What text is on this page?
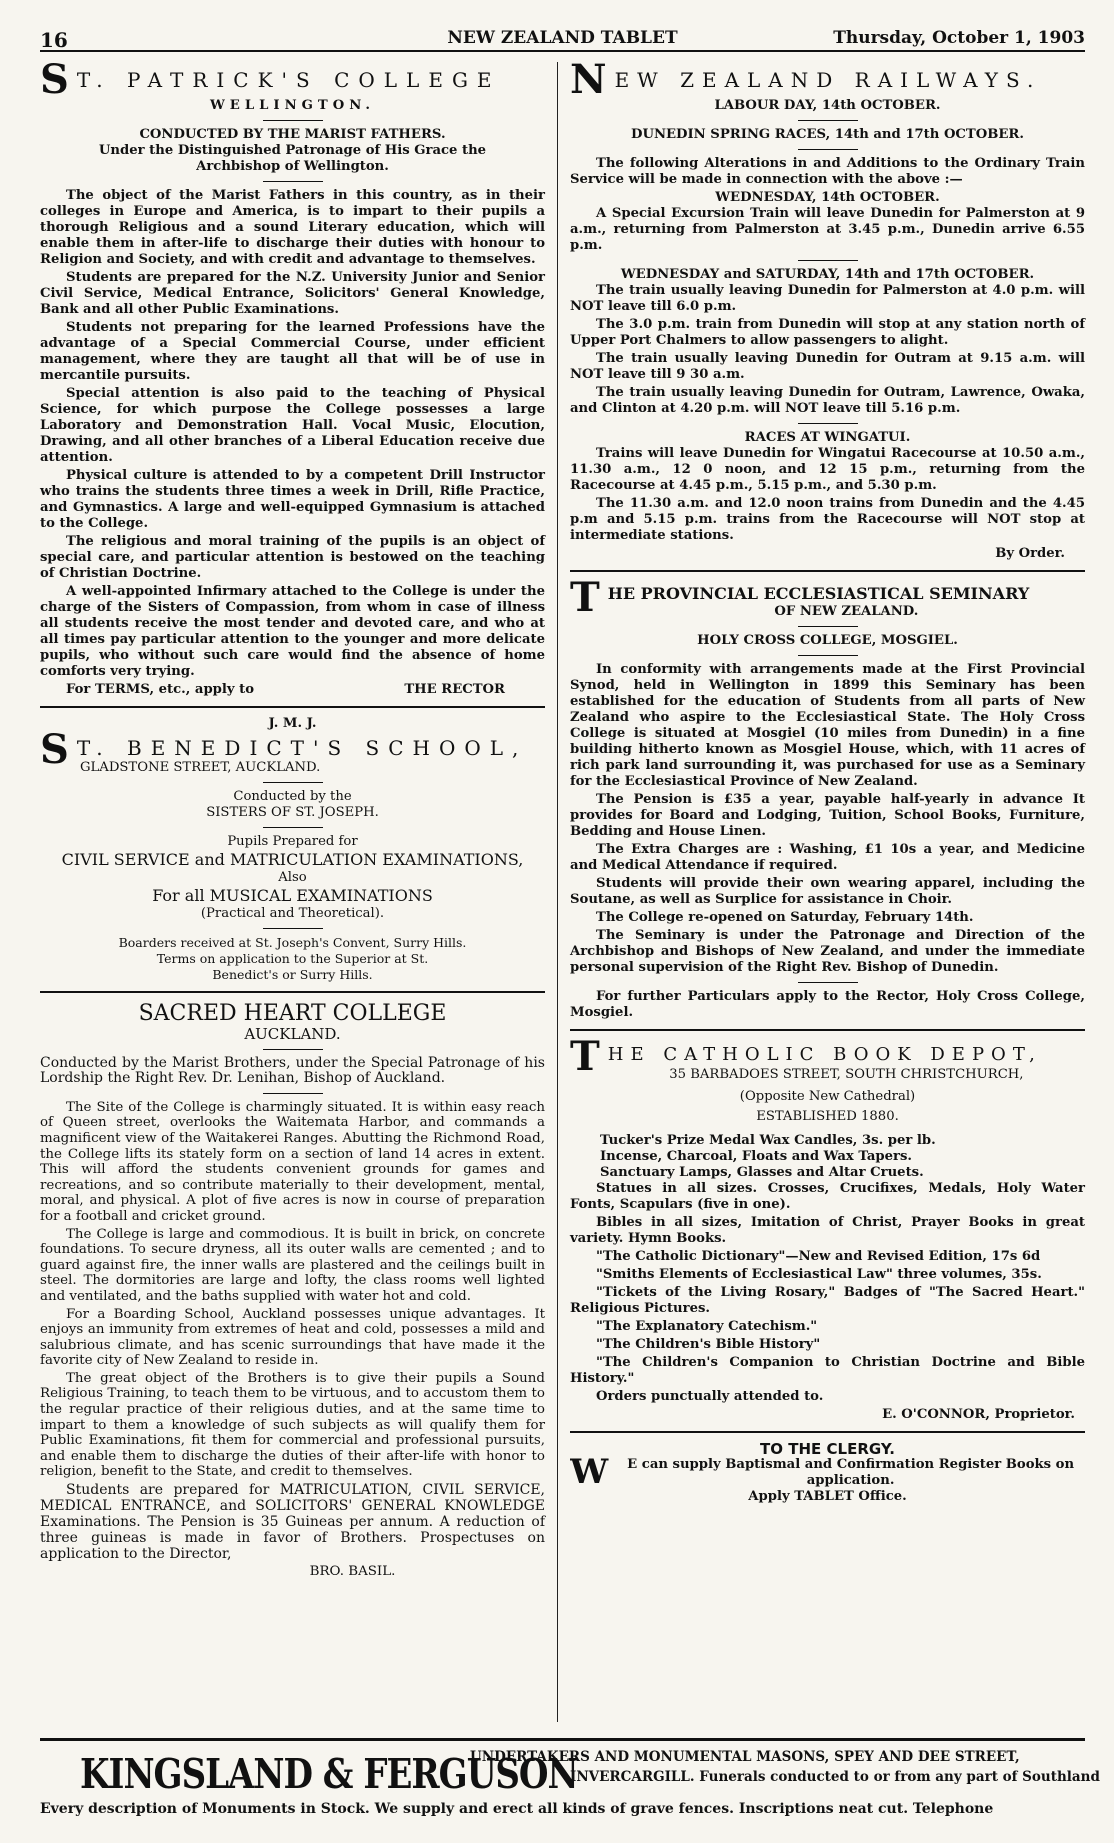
16	NEW ZEALAND TABLET	Thursday, October 1, 1903
S T. PATRICK'S COLLEGE
WELLINGTON.
CONDUCTED BY THE MARIST FATHERS.
Under the Distinguished Patronage of His Grace the Archbishop of Wellington.

The object of the Marist Fathers in this country, as in their colleges in Europe and America, is to impart to their pupils a thorough Religious and a sound Literary education, which will enable them in after-life to discharge their duties with honour to Religion and Society, and with credit and advantage to themselves.

Students are prepared for the N.Z. University Junior and Senior Civil Service, Medical Entrance, Solicitors' General Knowledge, Bank and all other Public Examinations.

Students not preparing for the learned Professions have the advantage of a Special Commercial Course, under efficient management, where they are taught all that will be of use in mercantile pursuits.

Special attention is also paid to the teaching of Physical Science, for which purpose the College possesses a large Laboratory and Demonstration Hall. Vocal Music, Elocution, Drawing, and all other branches of a Liberal Education receive due attention.

Physical culture is attended to by a competent Drill Instructor who trains the students three times a week in Drill, Rifle Practice, and Gymnastics. A large and well-equipped Gymnasium is attached to the College.

The religious and moral training of the pupils is an object of special care, and particular attention is bestowed on the teaching of Christian Doctrine.

A well-appointed Infirmary attached to the College is under the charge of the Sisters of Compassion, from whom in case of illness all students receive the most tender and devoted care, and who at all times pay particular attention to the younger and more delicate pupils, who without such care would find the absence of home comforts very trying.

For TERMS, etc., apply to	THE RECTOR
J. M. J.
S T. BENEDICT'S SCHOOL,
GLADSTONE STREET, AUCKLAND.
Conducted by the
SISTERS OF ST. JOSEPH.
Pupils Prepared for
CIVIL SERVICE and MATRICULATION EXAMINATIONS,
Also
For all MUSICAL EXAMINATIONS
(Practical and Theoretical).
Boarders received at St. Joseph's Convent, Surry Hills.
Terms on application to the Superior at St.
Benedict's or Surry Hills.
SACRED HEART COLLEGE
AUCKLAND.

Conducted by the Marist Brothers, under the Special Patronage of his Lordship the Right Rev. Dr. Lenihan, Bishop of Auckland.

The Site of the College is charmingly situated. It is within easy reach of Queen street, overlooks the Waitemata Harbor, and commands a magnificent view of the Waitakerei Ranges. Abutting the Richmond Road, the College lifts its stately form on a section of land 14 acres in extent. This will afford the students convenient grounds for games and recreations, and so contribute materially to their development, mental, moral, and physical. A plot of five acres is now in course of preparation for a football and cricket ground.

The College is large and commodious. It is built in brick, on concrete foundations. To secure dryness, all its outer walls are cemented ; and to guard against fire, the inner walls are plastered and the ceilings built in steel. The dormitories are large and lofty, the class rooms well lighted and ventilated, and the baths supplied with water hot and cold.

For a Boarding School, Auckland possesses unique advantages. It enjoys an immunity from extremes of heat and cold, possesses a mild and salubrious climate, and has scenic surroundings that have made it the favorite city of New Zealand to reside in.

The great object of the Brothers is to give their pupils a Sound Religious Training, to teach them to be virtuous, and to accustom them to the regular practice of their religious duties, and at the same time to impart to them a knowledge of such subjects as will qualify them for Public Examinations, fit them for commercial and professional pursuits, and enable them to discharge the duties of their after-life with honor to religion, benefit to the State, and credit to themselves.

Students are prepared for MATRICULATION, CIVIL SERVICE, MEDICAL ENTRANCE, and SOLICITORS' GENERAL KNOWLEDGE Examinations. The Pension is 35 Guineas per annum. A reduction of three guineas is made in favor of Brothers. Prospectuses on application to the Director,

BRO. BASIL.
N EW ZEALAND RAILWAYS.
LABOUR DAY, 14th OCTOBER.
DUNEDIN SPRING RACES, 14th and 17th OCTOBER.

The following Alterations in and Additions to the Ordinary Train Service will be made in connection with the above :—

WEDNESDAY, 14th OCTOBER.

A Special Excursion Train will leave Dunedin for Palmerston at 9 a.m., returning from Palmerston at 3.45 p.m., Dunedin arrive 6.55 p.m.

WEDNESDAY and SATURDAY, 14th and 17th OCTOBER.

The train usually leaving Dunedin for Palmerston at 4.0 p.m. will NOT leave till 6.0 p.m.

The 3.0 p.m. train from Dunedin will stop at any station north of Upper Port Chalmers to allow passengers to alight.

The train usually leaving Dunedin for Outram at 9.15 a.m. will NOT leave till 9 30 a.m.

The train usually leaving Dunedin for Outram, Lawrence, Owaka, and Clinton at 4.20 p.m. will NOT leave till 5.16 p.m.

RACES AT WINGATUI.

Trains will leave Dunedin for Wingatui Racecourse at 10.50 a.m., 11.30 a.m., 12 0 noon, and 12 15 p.m., returning from the Racecourse at 4.45 p.m., 5.15 p.m., and 5.30 p.m.

The 11.30 a.m. and 12.0 noon trains from Dunedin and the 4.45 p.m and 5.15 p.m. trains from the Racecourse will NOT stop at intermediate stations.

By Order.
T HE PROVINCIAL ECCLESIASTICAL SEMINARY
OF NEW ZEALAND.
HOLY CROSS COLLEGE, MOSGIEL.

In conformity with arrangements made at the First Provincial Synod, held in Wellington in 1899 this Seminary has been established for the education of Students from all parts of New Zealand who aspire to the Ecclesiastical State. The Holy Cross College is situated at Mosgiel (10 miles from Dunedin) in a fine building hitherto known as Mosgiel House, which, with 11 acres of rich park land surrounding it, was purchased for use as a Seminary for the Ecclesiastical Province of New Zealand.

The Pension is £35 a year, payable half-yearly in advance It provides for Board and Lodging, Tuition, School Books, Furniture, Bedding and House Linen.

The Extra Charges are : Washing, £1 10s a year, and Medicine and Medical Attendance if required.

Students will provide their own wearing apparel, including the Soutane, as well as Surplice for assistance in Choir.

The College re-opened on Saturday, February 14th.

The Seminary is under the Patronage and Direction of the Archbishop and Bishops of New Zealand, and under the immediate personal supervision of the Right Rev. Bishop of Dunedin.

For further Particulars apply to the Rector, Holy Cross College, Mosgiel.

T HE CATHOLIC BOOK DEPOT,
35 BARBADOES STREET, SOUTH CHRISTCHURCH,
(Opposite New Cathedral)
ESTABLISHED 1880.
Tucker's Prize Medal Wax Candles, 3s. per lb.
Incense, Charcoal, Floats and Wax Tapers.
Sanctuary Lamps, Glasses and Altar Cruets.

Statues in all sizes. Crosses, Crucifixes, Medals, Holy Water Fonts, Scapulars (five in one).

Bibles in all sizes, Imitation of Christ, Prayer Books in great variety. Hymn Books.

"The Catholic Dictionary"—New and Revised Edition, 17s 6d

"Smiths Elements of Ecclesiastical Law" three volumes, 35s.

"Tickets of the Living Rosary," Badges of "The Sacred Heart." Religious Pictures.

"The Explanatory Catechism."

"The Children's Bible History"

"The Children's Companion to Christian Doctrine and Bible History."

Orders punctually attended to.

E. O'CONNOR, Proprietor.
TO THE CLERGY.
W	E can supply Baptismal and Confirmation Register Books on application.
Apply TABLET Office.
KINGSLAND & FERGUSON
UNDERTAKERS AND MONUMENTAL MASONS, SPEY AND DEE STREET,
INVERCARGILL. Funerals conducted to or from any part of Southland
Every description of Monuments in Stock. We supply and erect all kinds of grave fences. Inscriptions neat cut. Telephone
